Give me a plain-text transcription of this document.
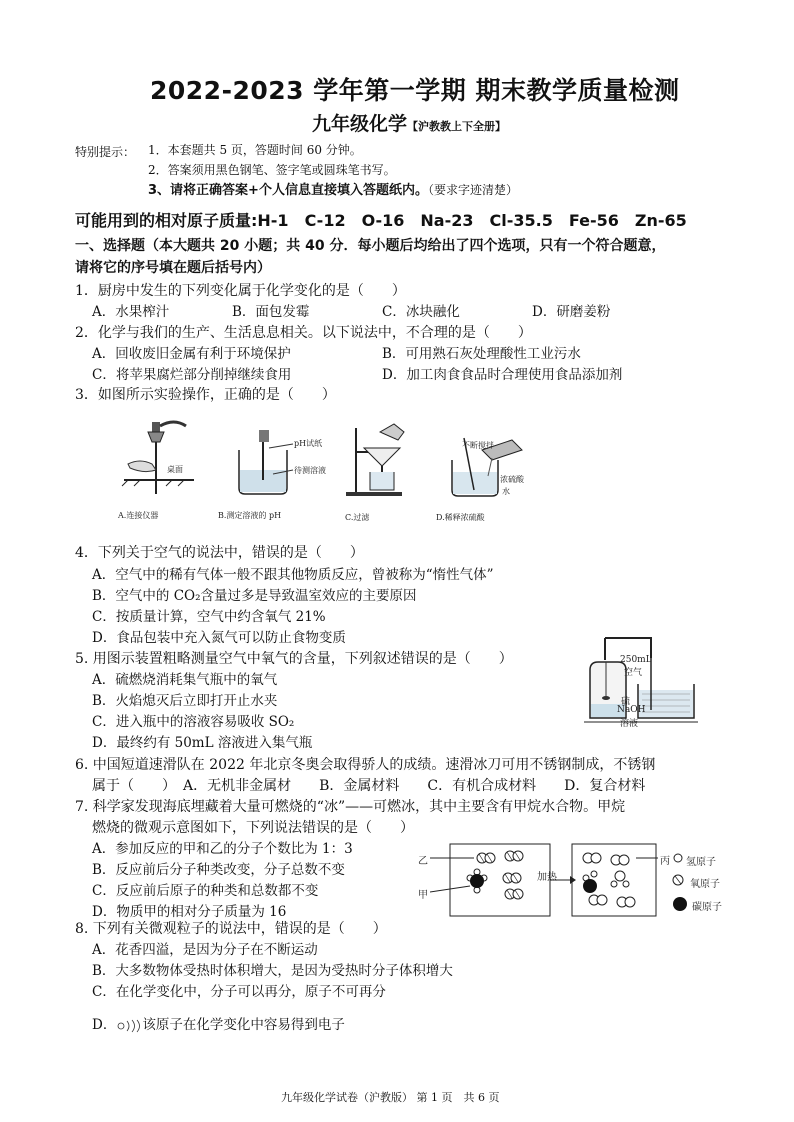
2022-2023 学年第一学期 期末教学质量检测
九年级化学【沪教教上下全册】
特别提示： 1．本套题共 5 页，答题时间 60 分钟。
2．答案须用黑色钢笔、签字笔或圆珠笔书写。
3、请将正确答案+个人信息直接填入答题纸内。（要求字迹清楚）
可能用到的相对原子质量:H-1　C-12　O-16　Na-23　Cl-35.5　Fe-56　Zn-65
一、选择题（本大题共 20 小题；共 40 分．每小题后均给出了四个选项，只有一个符合题意，
请将它的序号填在题后括号内）
1．厨房中发生的下列变化属于化学变化的是（　　）
A．水果榨汁	B．面包发霉	C．冰块融化	D．研磨姜粉
2．化学与我们的生产、生活息息相关。以下说法中，不合理的是（　　）
A．回收废旧金属有利于环境保护	B．可用熟石灰处理酸性工业污水
C．将苹果腐烂部分削掉继续食用	D．加工肉食食品时合理使用食品添加剂
3．如图所示实验操作，正确的是（　　）
桌面
A.连接仪器
pH试纸
待测溶液
B.测定溶液的 pH	C.过滤
不断搅拌
浓硫酸
水
D.稀释浓硫酸
4．下列关于空气的说法中，错误的是（　　）
A．空气中的稀有气体一般不跟其他物质反应，曾被称为“惰性气体”
B．空气中的 CO₂含量过多是导致温室效应的主要原因
C．按质量计算，空气中约含氧气 21%
D．食品包装中充入氮气可以防止食物变质
5. 用图示装置粗略测量空气中氧气的含量，下列叙述错误的是（　　）
A．硫燃烧消耗集气瓶中的氧气
B．火焰熄灭后立即打开止水夹
C．进入瓶中的溶液容易吸收 SO₂
D．最终约有 50mL 溶液进入集气瓶
250mL
空气
硫
NaOH
溶液
6. 中国短道速滑队在 2022 年北京冬奥会取得骄人的成绩。速滑冰刀可用不锈钢制成，不锈钢
属于（　　）　A．无机非金属材　　B．金属材料　　C．有机合成材料　　D．复合材料
7. 科学家发现海底埋藏着大量可燃烧的“冰”——可燃冰，其中主要含有甲烷水合物。甲烷
燃烧的微观示意图如下，下列说法错误的是（　　）
A．参加反应的甲和乙的分子个数比为 1：3
B．反应前后分子种类改变，分子总数不变
C．反应前后原子的种类和总数都不变
D．物质甲的相对分子质量为 16
乙
甲
丙
加热
氢原子
氧原子
碳原子
8. 下列有关微观粒子的说法中，错误的是（　　）
A．花香四溢，是因为分子在不断运动
B．大多数物体受热时体积增大，是因为受热时分子体积增大
C．在化学变化中，分子可以再分，原子不可再分
D． 该原子在化学变化中容易得到电子
九年级化学试卷（沪教版） 第 1 页　共 6 页
